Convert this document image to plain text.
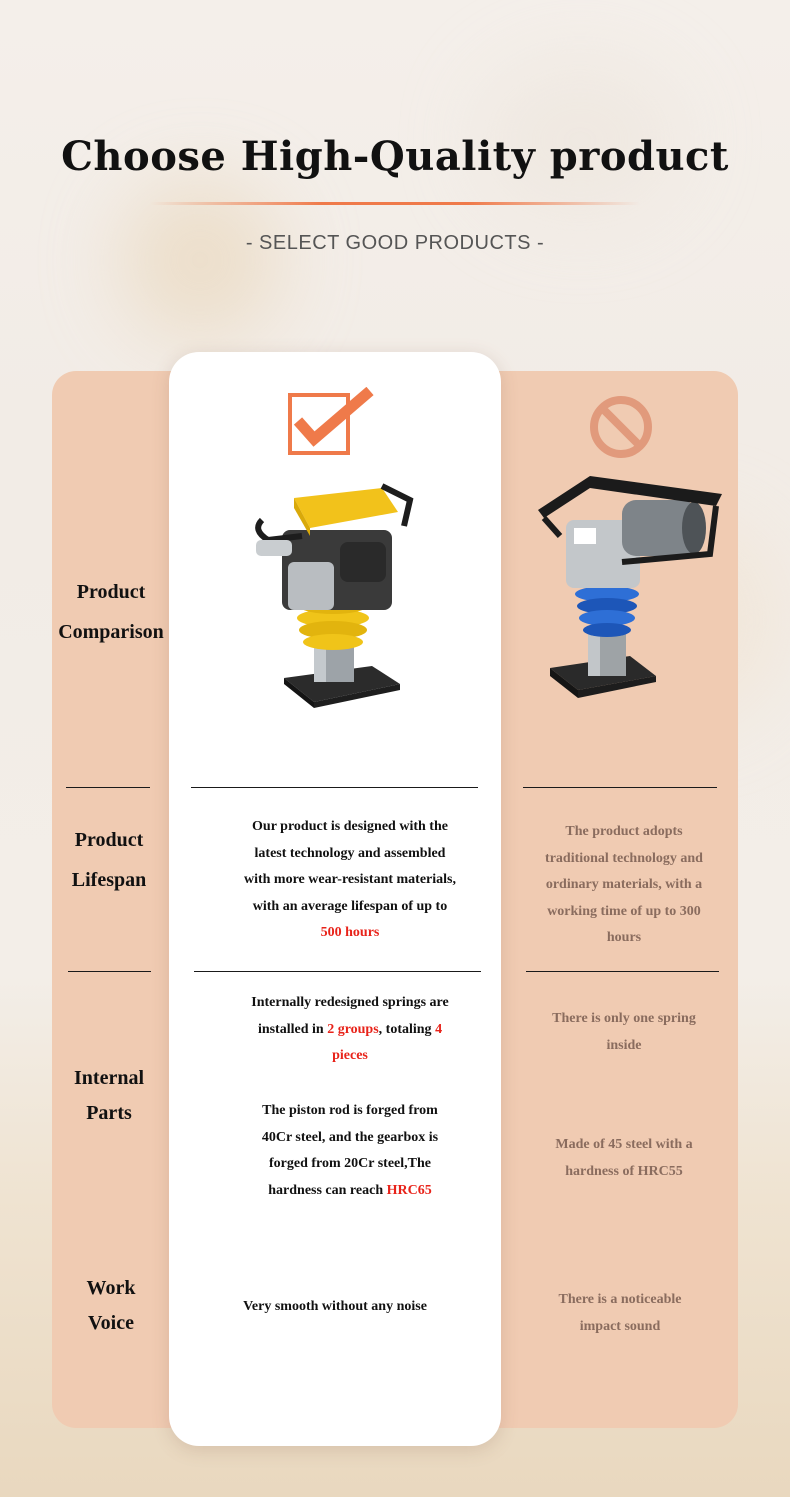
Choose High-Quality product
- SELECT GOOD PRODUCTS -
Product
Comparison
Product
Lifespan
Internal
Parts
Work
Voice
Our product is designed with the
latest technology and assembled
with more wear-resistant materials,
with an average lifespan of up to
500 hours
The product adopts
traditional technology and
ordinary materials, with a
working time of up to 300
hours
Internally redesigned springs are
installed in 2 groups, totaling 4
pieces
The piston rod is forged from
40Cr steel, and the gearbox is
forged from 20Cr steel,The
hardness can reach HRC65
There is only one spring
inside
Made of 45 steel with a
hardness of HRC55
Very smooth without any noise	There is a noticeable
impact sound
